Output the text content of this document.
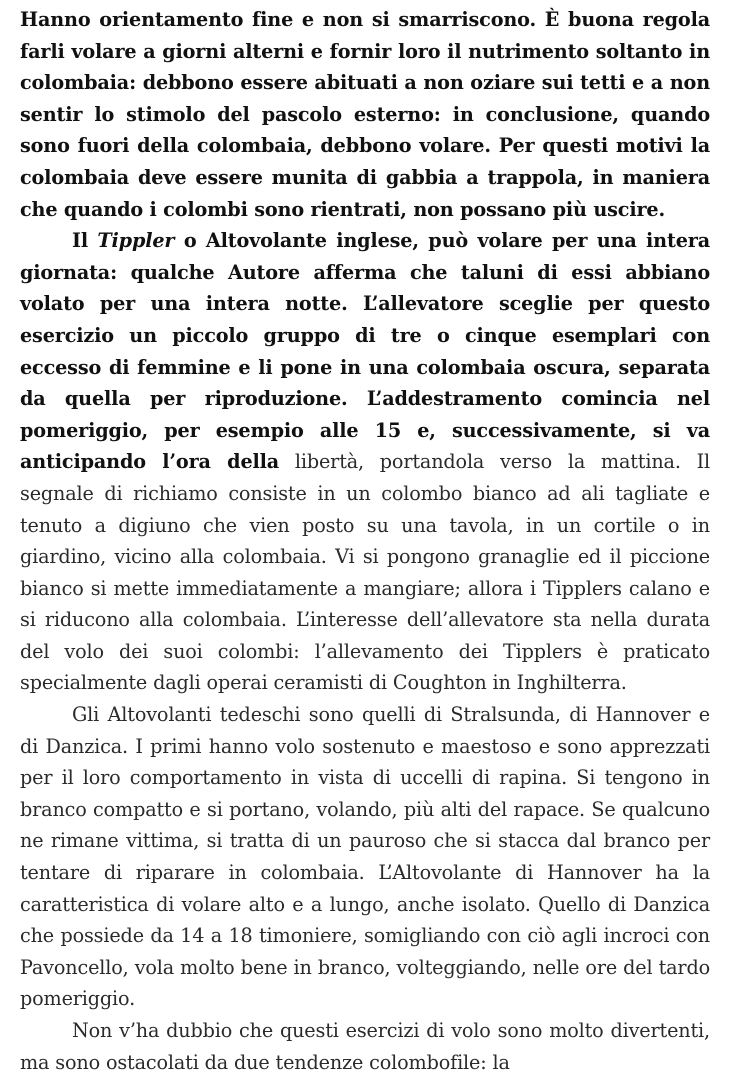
Hanno orientamento fine e non si smarriscono. È buona regola farli volare a giorni alterni e fornir loro il nutrimento soltanto in colombaia: debbono essere abituati a non oziare sui tetti e a non sentir lo stimolo del pascolo esterno: in conclusione, quando sono fuori della colombaia, debbono volare. Per questi motivi la colombaia deve essere munita di gabbia a trappola, in maniera che quando i colombi sono rientrati, non possano più uscire.

Il Tippler o Altovolante inglese, può volare per una intera giornata: qualche Autore afferma che taluni di essi abbiano volato per una intera notte. L’allevatore sceglie per questo esercizio un piccolo gruppo di tre o cinque esemplari con eccesso di femmine e li pone in una colombaia oscura, separata da quella per riproduzione. L’addestramento comincia nel pomeriggio, per esempio alle 15 e, successivamente, si va anticipando l’ora della libertà, portandola verso la mattina. Il segnale di richiamo consiste in un colombo bianco ad ali tagliate e tenuto a digiuno che vien posto su una tavola, in un cortile o in giardino, vicino alla colombaia. Vi si pongono granaglie ed il piccione bianco si mette immediatamente a mangiare; allora i Tipplers calano e si riducono alla colombaia. L’interesse dell’allevatore sta nella durata del volo dei suoi colombi: l’allevamento dei Tipplers è praticato specialmente dagli operai ceramisti di Coughton in Inghilterra.

Gli Altovolanti tedeschi sono quelli di Stralsunda, di Hannover e di Danzica. I primi hanno volo sostenuto e maestoso e sono apprezzati per il loro comportamento in vista di uccelli di rapina. Si tengono in branco compatto e si portano, volando, più alti del rapace. Se qualcuno ne rimane vittima, si tratta di un pauroso che si stacca dal branco per tentare di riparare in colombaia. L’Altovolante di Hannover ha la caratteristica di volare alto e a lungo, anche isolato. Quello di Danzica che possiede da 14 a 18 timoniere, somigliando con ciò agli incroci con Pavoncello, vola molto bene in branco, volteggiando, nelle ore del tardo pomeriggio.

Non v’ha dubbio che questi esercizi di volo sono molto divertenti, ma sono ostacolati da due tendenze colombofile: la
